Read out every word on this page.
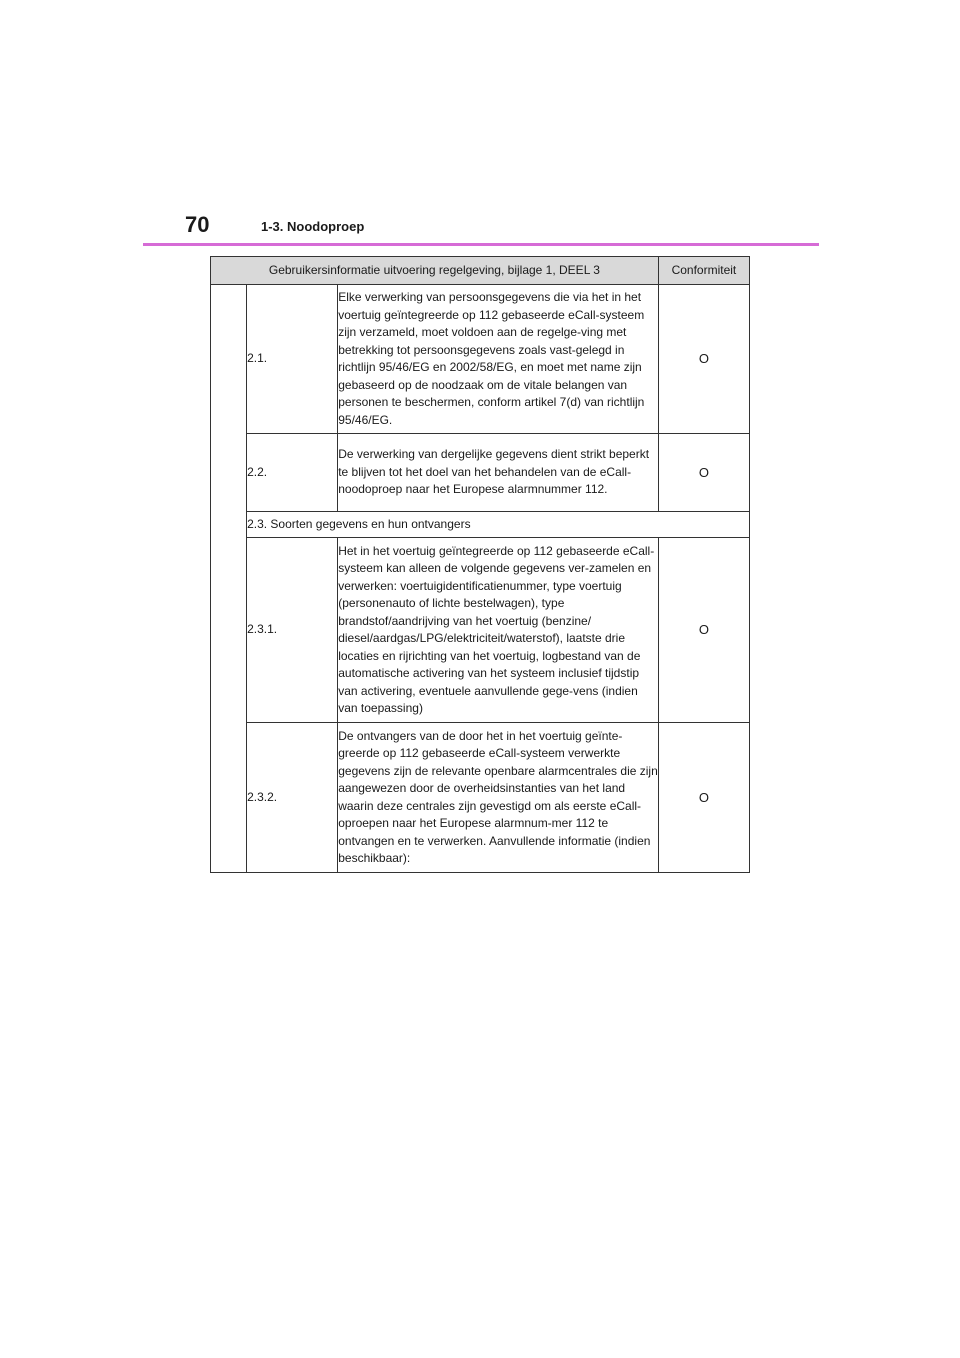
70	1-3. Noodoproep
Gebruikersinformatie uitvoering regelgeving, bijlage 1, DEEL 3			Conformiteit
	2.1.	Elke verwerking van persoonsgegevens die via het in het voertuig geïntegreerde op 112 gebaseerde eCall-systeem zijn verzameld, moet voldoen aan de regelge-ving met betrekking tot persoonsgegevens zoals vast-gelegd in richtlijn 95/46/EG en 2002/58/EG, en moet met name zijn gebaseerd op de noodzaak om de vitale belangen van personen te beschermen, conform artikel 7(d) van richtlijn 95/46/EG.	O
	2.2.	De verwerking van dergelijke gegevens dient strikt beperkt te blijven tot het doel van het behandelen van de eCall-noodoproep naar het Europese alarmnummer 112.	O
	2.3. Soorten gegevens en hun ontvangers		
	2.3.1.	Het in het voertuig geïntegreerde op 112 gebaseerde eCall-systeem kan alleen de volgende gegevens ver-zamelen en verwerken: voertuigidentificatienummer, type voertuig (personenauto of lichte bestelwagen), type brandstof/aandrijving van het voertuig (benzine/ diesel/aardgas/LPG/elektriciteit/waterstof), laatste drie locaties en rijrichting van het voertuig, logbestand van de automatische activering van het systeem inclusief tijdstip van activering, eventuele aanvullende gege-vens (indien van toepassing)	O
	2.3.2.	De ontvangers van de door het in het voertuig geïnte-greerde op 112 gebaseerde eCall-systeem verwerkte gegevens zijn de relevante openbare alarmcentrales die zijn aangewezen door de overheidsinstanties van het land waarin deze centrales zijn gevestigd om als eerste eCall-oproepen naar het Europese alarmnum-mer 112 te ontvangen en te verwerken. Aanvullende informatie (indien beschikbaar):	O
